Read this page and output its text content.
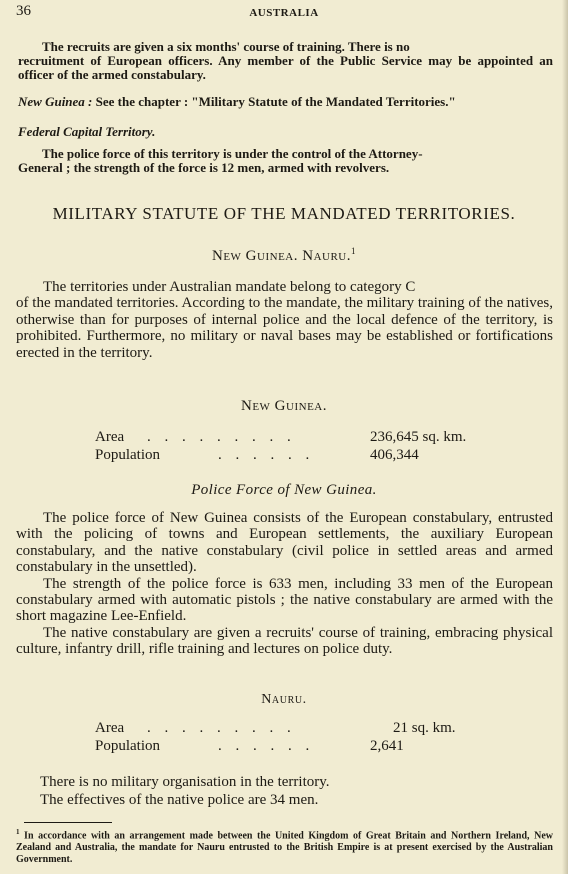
36	AUSTRALIA
The recruits are given a six months' course of training. There is no
recruitment of European officers. Any member of the Public Service may be appointed an officer of the armed constabulary.
New Guinea : See the chapter : "Military Statute of the Mandated Territories."
Federal Capital Territory.
The police force of this territory is under the control of the Attorney-
General ; the strength of the force is 12 men, armed with revolvers.
MILITARY STATUTE OF THE MANDATED TERRITORIES.
New Guinea. Nauru.$^1$
The territories under Australian mandate belong to category C
of the mandated territories. According to the mandate, the military training of the natives, otherwise than for purposes of internal police and the local defence of the territory, is prohibited. Furthermore, no military or naval bases may be established or fortifications erected in the territory.
New Guinea.
Area . . . . . . . . .	236,645 sq. km.
Population	. . . . . .	406,344
Police Force of New Guinea.
The police force of New Guinea consists of the European constabulary, entrusted with the policing of towns and European settlements, the auxiliary European constabulary, and the native constabulary (civil police in settled areas and armed constabulary in the unsettled).
The strength of the police force is 633 men, including 33 men of the European constabulary armed with automatic pistols ; the native constabulary are armed with the short magazine Lee-Enfield.
The native constabulary are given a recruits' course of training, embracing physical culture, infantry drill, rifle training and lectures on police duty.
Nauru.
Area . . . . . . . . .	21 sq. km.
Population	. . . . . .	2,641
There is no military organisation in the territory.
The effectives of the native police are 34 men.
$^1$ In accordance with an arrangement made between the United Kingdom of Great Britain and Northern Ireland, New Zealand and Australia, the mandate for Nauru entrusted to the British Empire is at present exercised by the Australian Government.
